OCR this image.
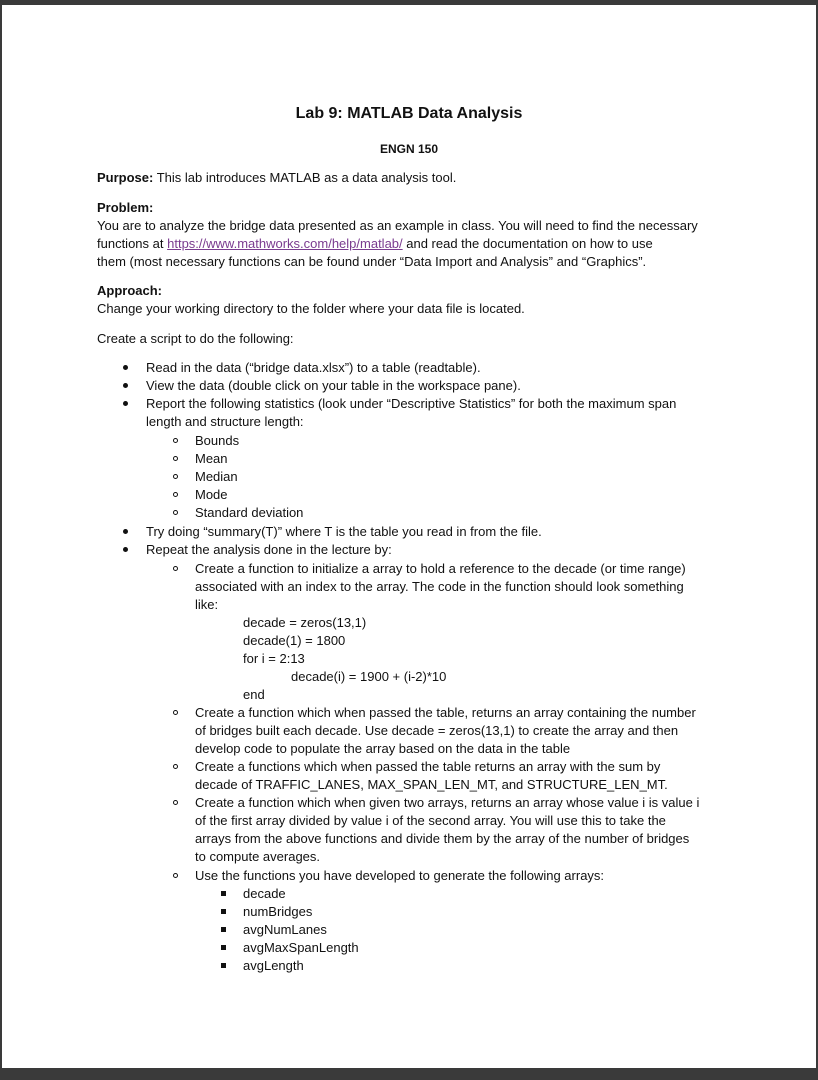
Lab 9: MATLAB Data Analysis
ENGN 150
Purpose: This lab introduces MATLAB as a data analysis tool.
Problem:
You are to analyze the bridge data presented as an example in class. You will need to find the necessary
functions at https://www.mathworks.com/help/matlab/ and read the documentation on how to use
them (most necessary functions can be found under “Data Import and Analysis” and “Graphics”.
Approach:
Change your working directory to the folder where your data file is located.
Create a script to do the following:
Read in the data (“bridge data.xlsx”) to a table (readtable).
View the data (double click on your table in the workspace pane).
Report the following statistics (look under “Descriptive Statistics” for both the maximum span
length and structure length:
Bounds
Mean
Median
Mode
Standard deviation
Try doing “summary(T)” where T is the table you read in from the file.
Repeat the analysis done in the lecture by:
Create a function to initialize a array to hold a reference to the decade (or time range)
associated with an index to the array. The code in the function should look something
like:
decade = zeros(13,1)
decade(1) = 1800
for i = 2:13
decade(i) = 1900 + (i-2)*10
end
Create a function which when passed the table, returns an array containing the number
of bridges built each decade. Use decade = zeros(13,1) to create the array and then
develop code to populate the array based on the data in the table
Create a functions which when passed the table returns an array with the sum by
decade of TRAFFIC_LANES, MAX_SPAN_LEN_MT, and STRUCTURE_LEN_MT.
Create a function which when given two arrays, returns an array whose value i is value i
of the first array divided by value i of the second array. You will use this to take the
arrays from the above functions and divide them by the array of the number of bridges
to compute averages.
Use the functions you have developed to generate the following arrays:
decade
numBridges
avgNumLanes
avgMaxSpanLength
avgLength
